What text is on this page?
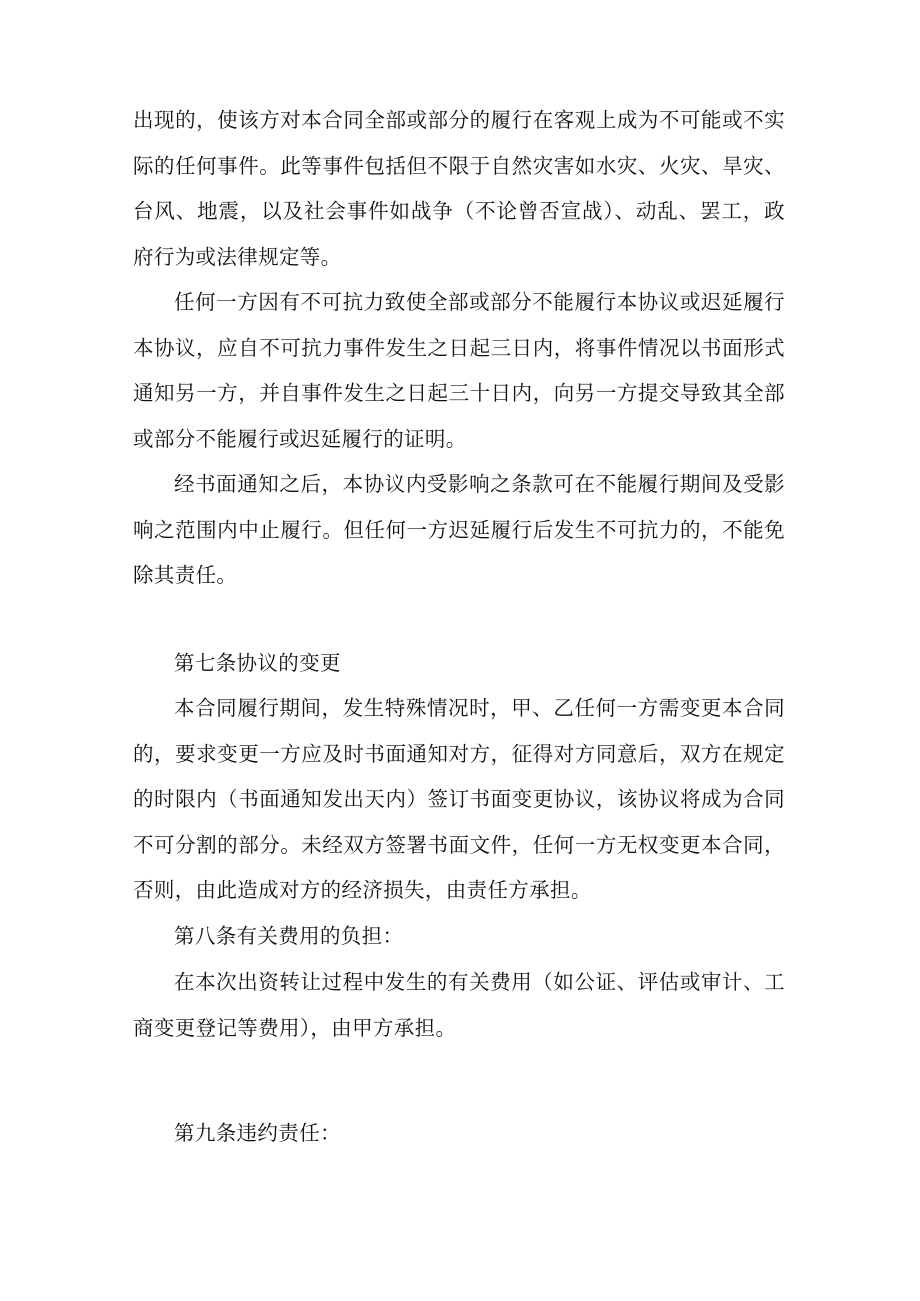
出现的，使该方对本合同全部或部分的履行在客观上成为不可能或不实际的任何事件。此等事件包括但不限于自然灾害如水灾、火灾、旱灾、台风、地震，以及社会事件如战争（不论曾否宣战）、动乱、罢工，政府行为或法律规定等。

任何一方因有不可抗力致使全部或部分不能履行本协议或迟延履行本协议，应自不可抗力事件发生之日起三日内，将事件情况以书面形式通知另一方，并自事件发生之日起三十日内，向另一方提交导致其全部或部分不能履行或迟延履行的证明。

经书面通知之后，本协议内受影响之条款可在不能履行期间及受影响之范围内中止履行。但任何一方迟延履行后发生不可抗力的，不能免除其责任。

第七条协议的变更

本合同履行期间，发生特殊情况时，甲、乙任何一方需变更本合同的，要求变更一方应及时书面通知对方，征得对方同意后，双方在规定的时限内（书面通知发出天内）签订书面变更协议，该协议将成为合同不可分割的部分。未经双方签署书面文件，任何一方无权变更本合同，否则，由此造成对方的经济损失，由责任方承担。

第八条有关费用的负担：

在本次出资转让过程中发生的有关费用（如公证、评估或审计、工商变更登记等费用），由甲方承担。

第九条违约责任：
